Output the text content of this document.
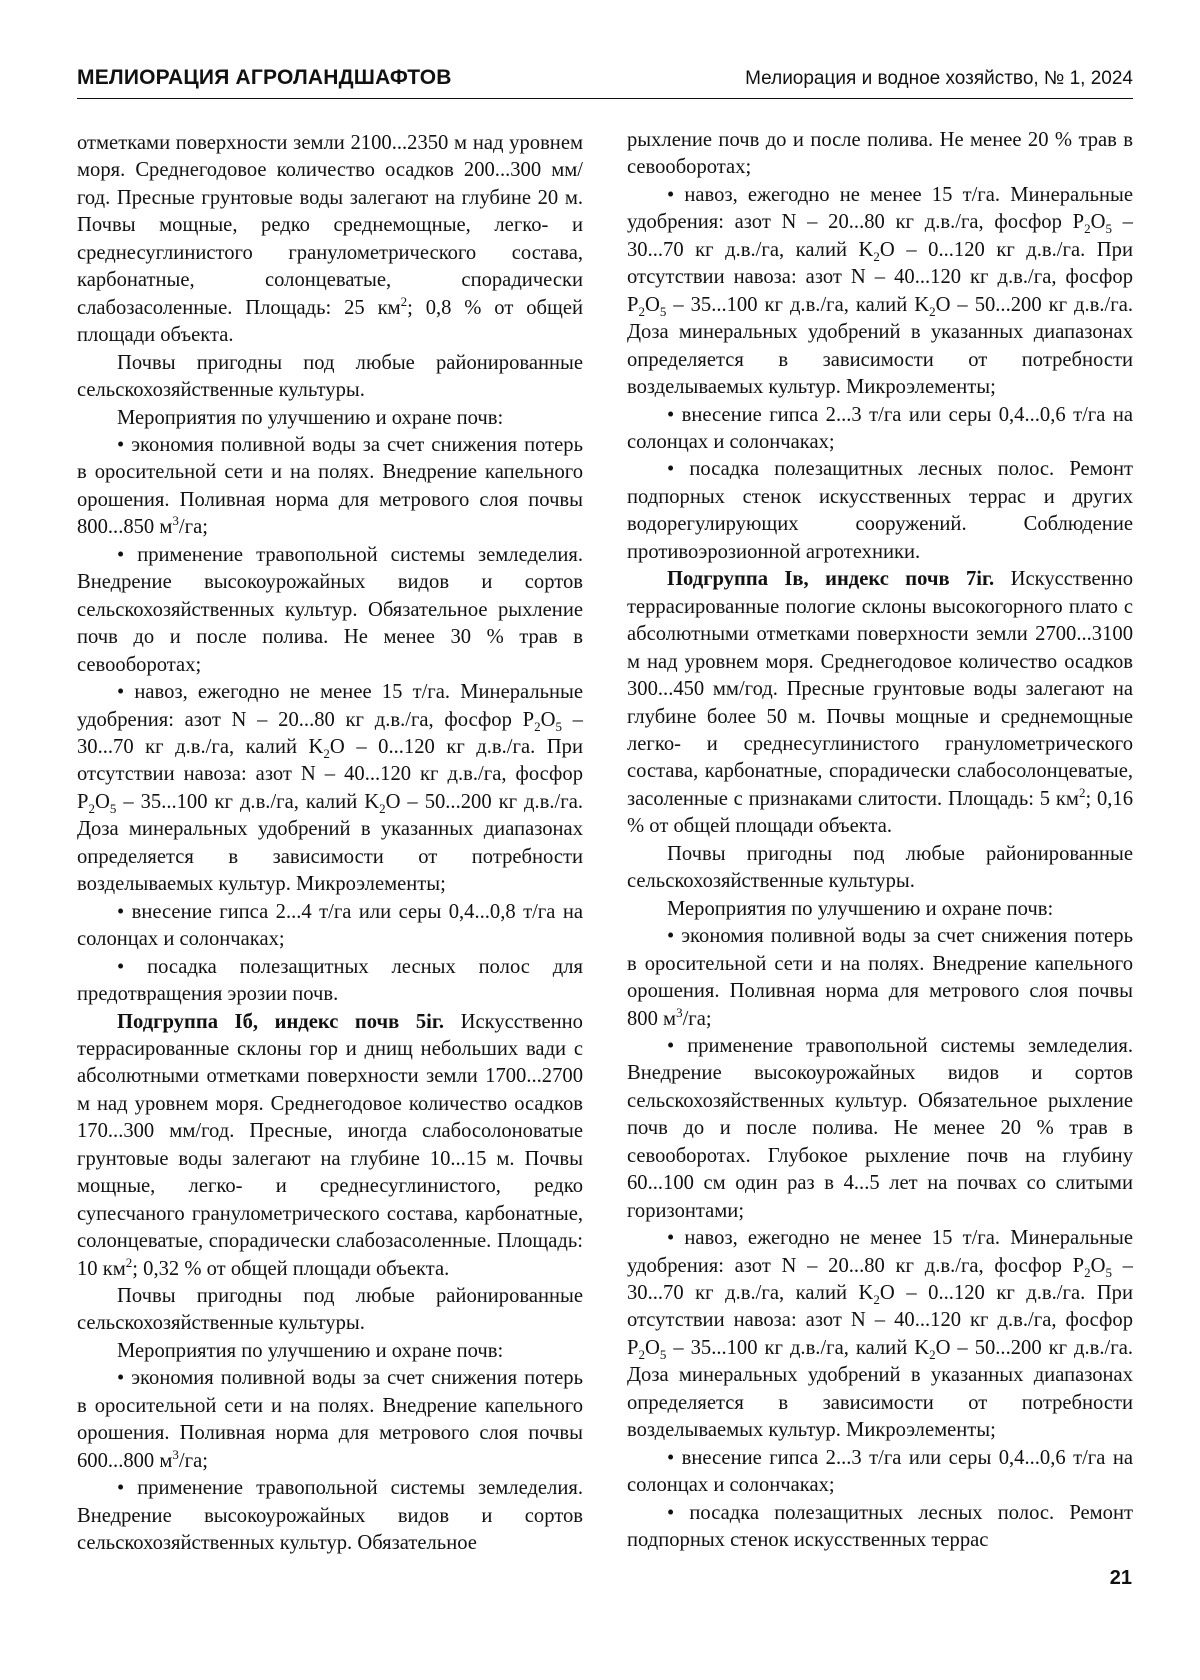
МЕЛИОРАЦИЯ АГРОЛАНДШАФТОВ	Мелиорация и водное хозяйство, № 1, 2024

отметками поверхности земли 2100...2350 м над уровнем моря. Среднегодовое количество осадков 200...300 мм/год. Пресные грунтовые воды залегают на глубине 20 м. Почвы мощные, редко среднемощные, легко- и среднесуглинистого гранулометрического состава, карбонатные, солонцеватые, спорадически слабозасоленные. Площадь: 25 $км^2$; 0,8 % от общей площади объекта.

Почвы пригодны под любые районированные сельскохозяйственные культуры.

Мероприятия по улучшению и охране почв:

• экономия поливной воды за счет снижения потерь в оросительной сети и на полях. Внедрение капельного орошения. Поливная норма для метрового слоя почвы 800...850 $м^3/га$;

• применение травопольной системы земледелия. Внедрение высокоурожайных видов и сортов сельскохозяйственных культур. Обязательное рыхление почв до и после полива. Не менее 30 % трав в севооборотах;

• навоз, ежегодно не менее 15 т/га. Минеральные удобрения: азот N – 20...80 кг д.в./га, фосфор $P_2O_5 - 30...70$ кг д.в./га, калий $K_2O - 0...120$ кг д.в./га. При отсутствии навоза: азот N – 40...120 кг д.в./га, фосфор $P_2O_5 - 35...100$ кг д.в./га, калий $K_2O - 50...200$ кг д.в./га. Доза минеральных удобрений в указанных диапазонах определяется в зависимости от потребности возделываемых культур. Микроэлементы;

• внесение гипса 2...4 т/га или серы 0,4...0,8 т/га на солонцах и солончаках;

• посадка полезащитных лесных полос для предотвращения эрозии почв.

Подгруппа Iб, индекс почв 5iг. Искусственно террасированные склоны гор и днищ небольших вади с абсолютными отметками поверхности земли 1700...2700 м над уровнем моря. Среднегодовое количество осадков 170...300 мм/год. Пресные, иногда слабосолоноватые грунтовые воды залегают на глубине 10...15 м. Почвы мощные, легко- и среднесуглинистого, редко супесчаного гранулометрического состава, карбонатные, солонцеватые, спорадически слабозасоленные. Площадь: 10 $км^2$; 0,32 % от общей площади объекта.

Почвы пригодны под любые районированные сельскохозяйственные культуры.

Мероприятия по улучшению и охране почв:

• экономия поливной воды за счет снижения потерь в оросительной сети и на полях. Внедрение капельного орошения. Поливная норма для метрового слоя почвы 600...800 $м^3/га$;

• применение травопольной системы земледелия. Внедрение высокоурожайных видов и сортов сельскохозяйственных культур. Обязательное

рыхление почв до и после полива. Не менее 20 % трав в севооборотах;

• навоз, ежегодно не менее 15 т/га. Минеральные удобрения: азот N – 20...80 кг д.в./га, фосфор $P_2O_5 - 30...70$ кг д.в./га, калий $K_2O - 0...120$ кг д.в./га. При отсутствии навоза: азот N – 40...120 кг д.в./га, фосфор $P_2O_5 - 35...100$ кг д.в./га, калий $K_2O - 50...200$ кг д.в./га. Доза минеральных удобрений в указанных диапазонах определяется в зависимости от потребности возделываемых культур. Микроэлементы;

• внесение гипса 2...3 т/га или серы 0,4...0,6 т/га на солонцах и солончаках;

• посадка полезащитных лесных полос. Ремонт подпорных стенок искусственных террас и других водорегулирующих сооружений. Соблюдение противоэрозионной агротехники.

Подгруппа Iв, индекс почв 7iг. Искусственно террасированные пологие склоны высокогорного плато с абсолютными отметками поверхности земли 2700...3100 м над уровнем моря. Среднегодовое количество осадков 300...450 мм/год. Пресные грунтовые воды залегают на глубине более 50 м. Почвы мощные и среднемощные легко- и среднесуглинистого гранулометрического состава, карбонатные, спорадически слабосолонцеватые, засоленные с признаками слитости. Площадь: 5 $км^2$; 0,16 % от общей площади объекта.

Почвы пригодны под любые районированные сельскохозяйственные культуры.

Мероприятия по улучшению и охране почв:

• экономия поливной воды за счет снижения потерь в оросительной сети и на полях. Внедрение капельного орошения. Поливная норма для метрового слоя почвы 800 $м^3/га$;

• применение травопольной системы земледелия. Внедрение высокоурожайных видов и сортов сельскохозяйственных культур. Обязательное рыхление почв до и после полива. Не менее 20 % трав в севооборотах. Глубокое рыхление почв на глубину 60...100 см один раз в 4...5 лет на почвах со слитыми горизонтами;

• навоз, ежегодно не менее 15 т/га. Минеральные удобрения: азот N – 20...80 кг д.в./га, фосфор $P_2O_5 - 30...70$ кг д.в./га, калий $K_2O - 0...120$ кг д.в./га. При отсутствии навоза: азот N – 40...120 кг д.в./га, фосфор $P_2O_5 - 35...100$ кг д.в./га, калий $K_2O - 50...200$ кг д.в./га. Доза минеральных удобрений в указанных диапазонах определяется в зависимости от потребности возделываемых культур. Микроэлементы;

• внесение гипса 2...3 т/га или серы 0,4...0,6 т/га на солонцах и солончаках;

• посадка полезащитных лесных полос. Ремонт подпорных стенок искусственных террас

21
